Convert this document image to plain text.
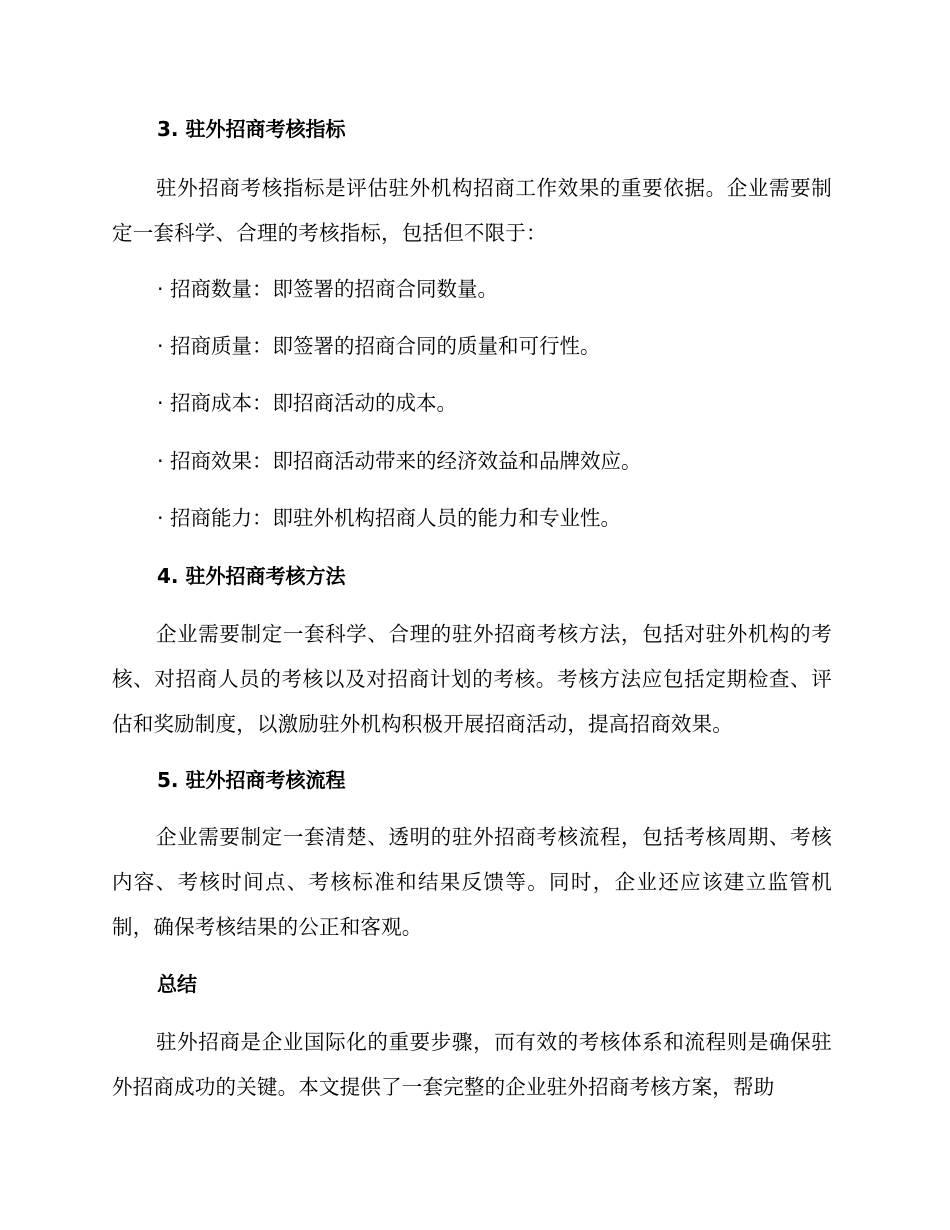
3. 驻外招商考核指标
驻外招商考核指标是评估驻外机构招商工作效果的重要依据。企业需要制定一套科学、合理的考核指标，包括但不限于：
· 招商数量：即签署的招商合同数量。
· 招商质量：即签署的招商合同的质量和可行性。
· 招商成本：即招商活动的成本。
· 招商效果：即招商活动带来的经济效益和品牌效应。
· 招商能力：即驻外机构招商人员的能力和专业性。
4. 驻外招商考核方法
企业需要制定一套科学、合理的驻外招商考核方法，包括对驻外机构的考核、对招商人员的考核以及对招商计划的考核。考核方法应包括定期检查、评估和奖励制度，以激励驻外机构积极开展招商活动，提高招商效果。
5. 驻外招商考核流程
企业需要制定一套清楚、透明的驻外招商考核流程，包括考核周期、考核内容、考核时间点、考核标准和结果反馈等。同时，企业还应该建立监管机制，确保考核结果的公正和客观。
总结
驻外招商是企业国际化的重要步骤，而有效的考核体系和流程则是确保驻外招商成功的关键。本文提供了一套完整的企业驻外招商考核方案，帮助
